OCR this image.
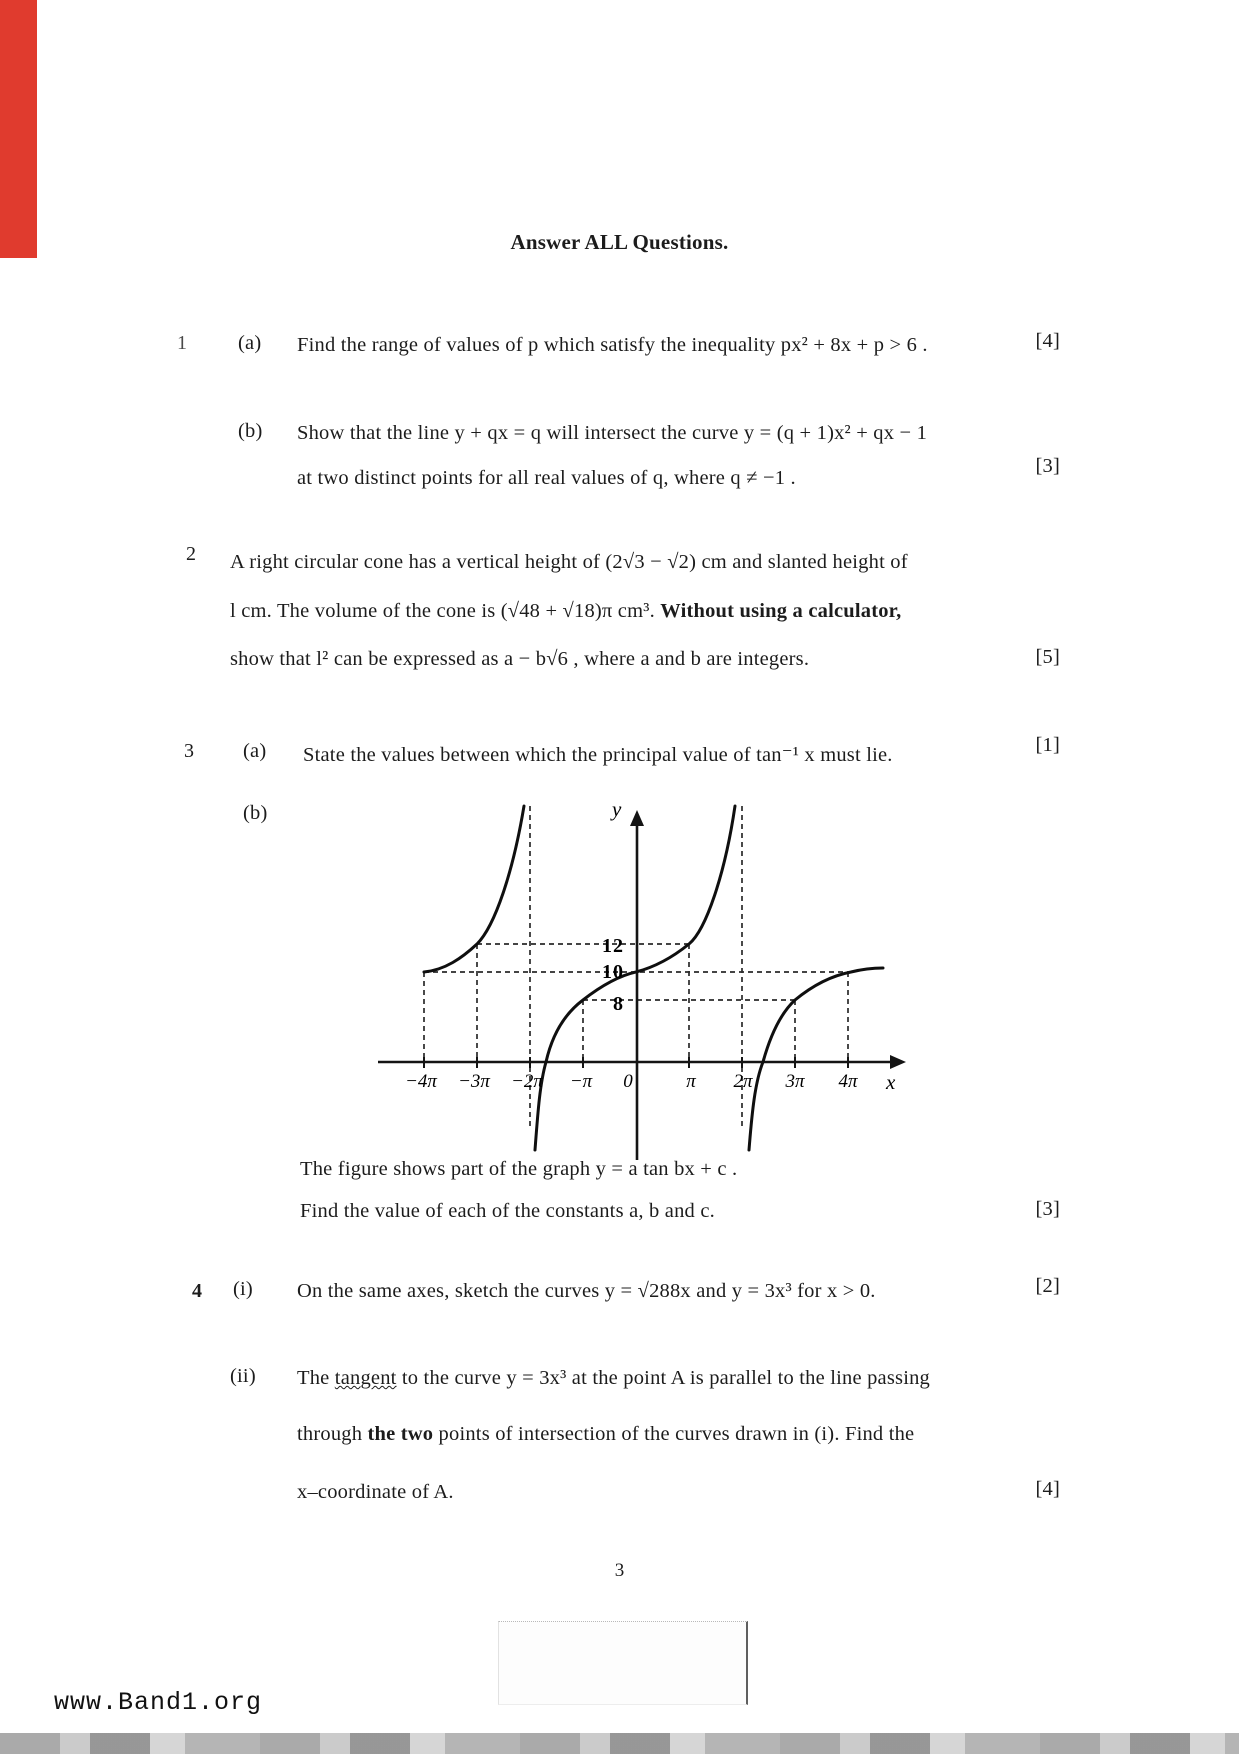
Answer ALL Questions.
1 (a) Find the range of values of p which satisfy the inequality px² + 8x + p > 6 .	[4]
(b) Show that the line y + qx = q will intersect the curve y = (q + 1)x² + qx − 1
at two distinct points for all real values of q, where q ≠ −1 .
[3]
2 A right circular cone has a vertical height of (2√3 − √2) cm and slanted height of
l cm. The volume of the cone is (√48 + √18)π cm³. Without using a calculator,
show that l² can be expressed as a − b√6 , where a and b are integers.	[5]
3 (a) State the values between which the principal value of tan⁻¹ x must lie.	[1]
(b)	y
x
12
10
8
−4π −3π −2π −π 0	π 2π 3π 4π
The figure shows part of the graph y = a tan bx + c .
Find the value of each of the constants a, b and c.	[3]
4 (i) On the same axes, sketch the curves y = √288x and y = 3x³ for x > 0.	[2]
(ii) The tangent to the curve y = 3x³ at the point A is parallel to the line passing
through the two points of intersection of the curves drawn in (i). Find the
x–coordinate of A.	[4]
3
www.Band1.org
